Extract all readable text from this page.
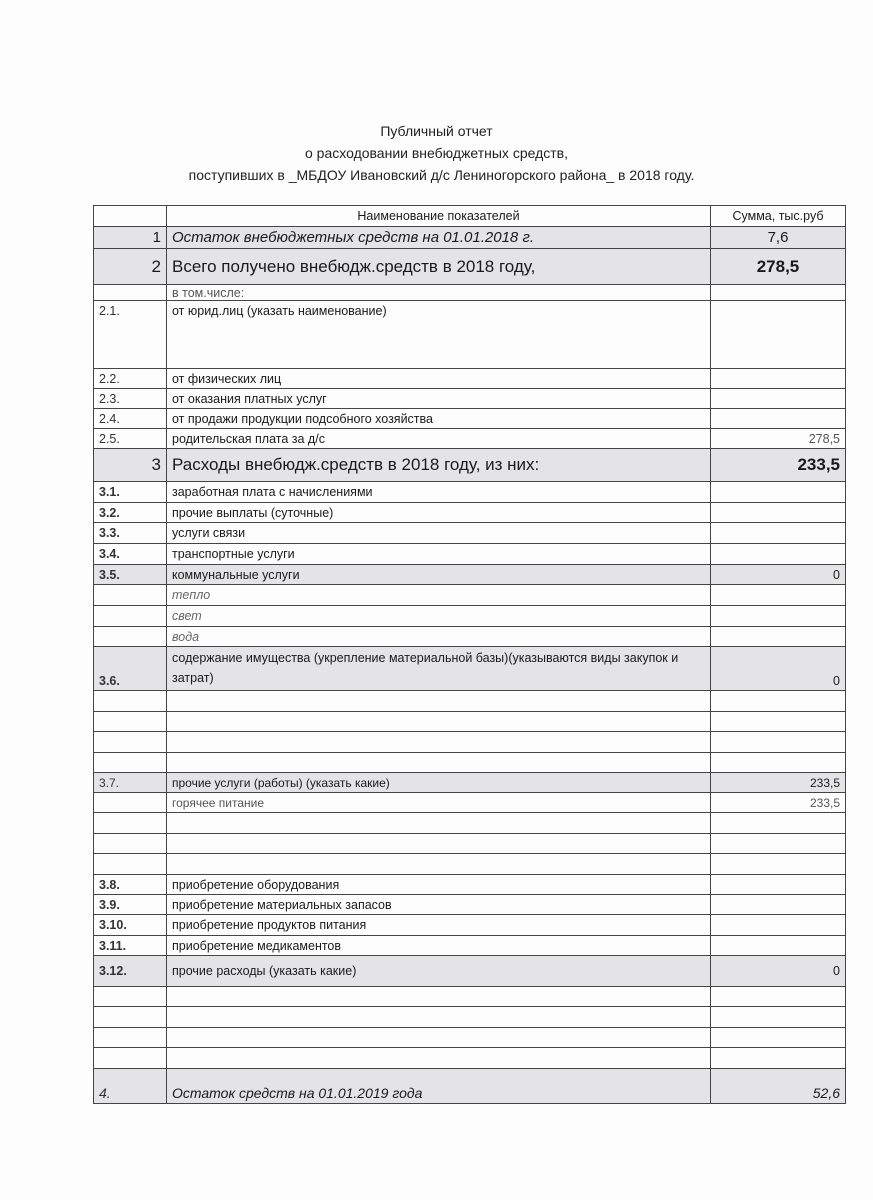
Публичный отчет
о расходовании внебюджетных средств,
поступивших в _МБДОУ Ивановский д/с Лениногорского района_ в 2018 году.
	Наименование показателей	Сумма, тыс.руб
1	Остаток внебюджетных средств на 01.01.2018 г.	7,6
2	Всего получено внебюдж.средств в 2018 году,	278,5
	в том.числе:	
2.1.	от юрид.лиц (указать наименование)	
2.2.	от физических лиц	
2.3.	от оказания платных услуг	
2.4.	от продажи продукции подсобного хозяйства	
2.5.	родительская плата за д/с	278,5
3	Расходы внебюдж.средств в 2018 году, из них:	233,5
3.1.	заработная плата с начислениями	
3.2.	прочие выплаты (суточные)	
3.3.	услуги связи	
3.4.	транспортные услуги	
3.5.	коммунальные услуги	0
	тепло	
	свет	
	вода	
3.6.	содержание имущества (укрепление материальной базы)(указываются виды закупок и затрат)	0

3.7.	прочие услуги (работы) (указать какие)	233,5
	горячее питание	233,5

3.8.	приобретение оборудования	
3.9.	приобретение материальных запасов	
3.10.	приобретение продуктов питания	
3.11.	приобретение медикаментов	
3.12.	прочие расходы (указать какие)	0

4.	Остаток средств на 01.01.2019 года	52,6
